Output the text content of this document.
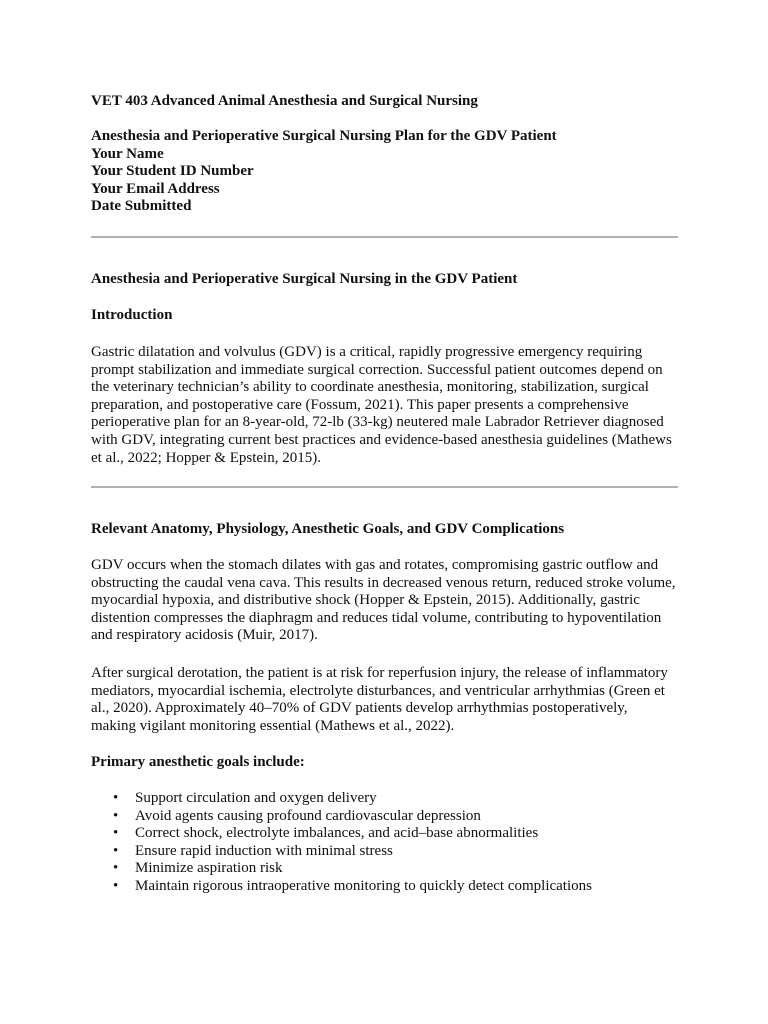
VET 403 Advanced Animal Anesthesia and Surgical Nursing

Anesthesia and Perioperative Surgical Nursing Plan for the GDV Patient
Your Name
Your Student ID Number
Your Email Address
Date Submitted

Anesthesia and Perioperative Surgical Nursing in the GDV Patient

Introduction

Gastric dilatation and volvulus (GDV) is a critical, rapidly progressive emergency requiring
prompt stabilization and immediate surgical correction. Successful patient outcomes depend on
the veterinary technician’s ability to coordinate anesthesia, monitoring, stabilization, surgical
preparation, and postoperative care (Fossum, 2021). This paper presents a comprehensive
perioperative plan for an 8-year-old, 72-lb (33-kg) neutered male Labrador Retriever diagnosed
with GDV, integrating current best practices and evidence-based anesthesia guidelines (Mathews
et al., 2022; Hopper & Epstein, 2015).

Relevant Anatomy, Physiology, Anesthetic Goals, and GDV Complications

GDV occurs when the stomach dilates with gas and rotates, compromising gastric outflow and
obstructing the caudal vena cava. This results in decreased venous return, reduced stroke volume,
myocardial hypoxia, and distributive shock (Hopper & Epstein, 2015). Additionally, gastric
distention compresses the diaphragm and reduces tidal volume, contributing to hypoventilation
and respiratory acidosis (Muir, 2017).
After surgical derotation, the patient is at risk for reperfusion injury, the release of inflammatory
mediators, myocardial ischemia, electrolyte disturbances, and ventricular arrhythmias (Green et
al., 2020). Approximately 40–70% of GDV patients develop arrhythmias postoperatively,
making vigilant monitoring essential (Mathews et al., 2022).

Primary anesthetic goals include:

• Support circulation and oxygen delivery
• Avoid agents causing profound cardiovascular depression
• Correct shock, electrolyte imbalances, and acid–base abnormalities
• Ensure rapid induction with minimal stress
• Minimize aspiration risk
• Maintain rigorous intraoperative monitoring to quickly detect complications
